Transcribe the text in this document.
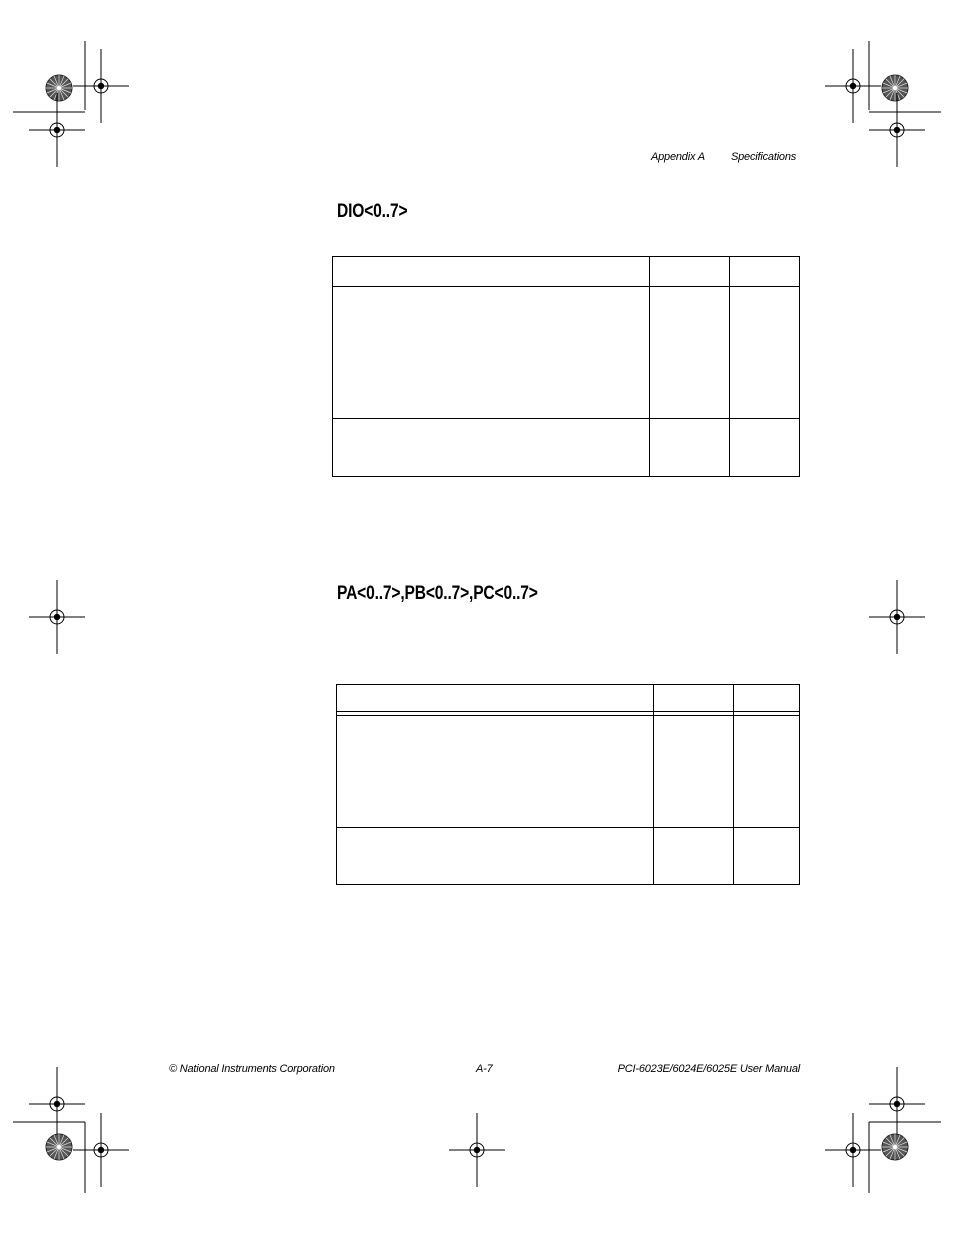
Appendix A Specifications
DIO<0..7>
PA<0..7>,PB<0..7>,PC<0..7>
© National Instruments Corporation	A-7	PCI-6023E/6024E/6025E User Manual
